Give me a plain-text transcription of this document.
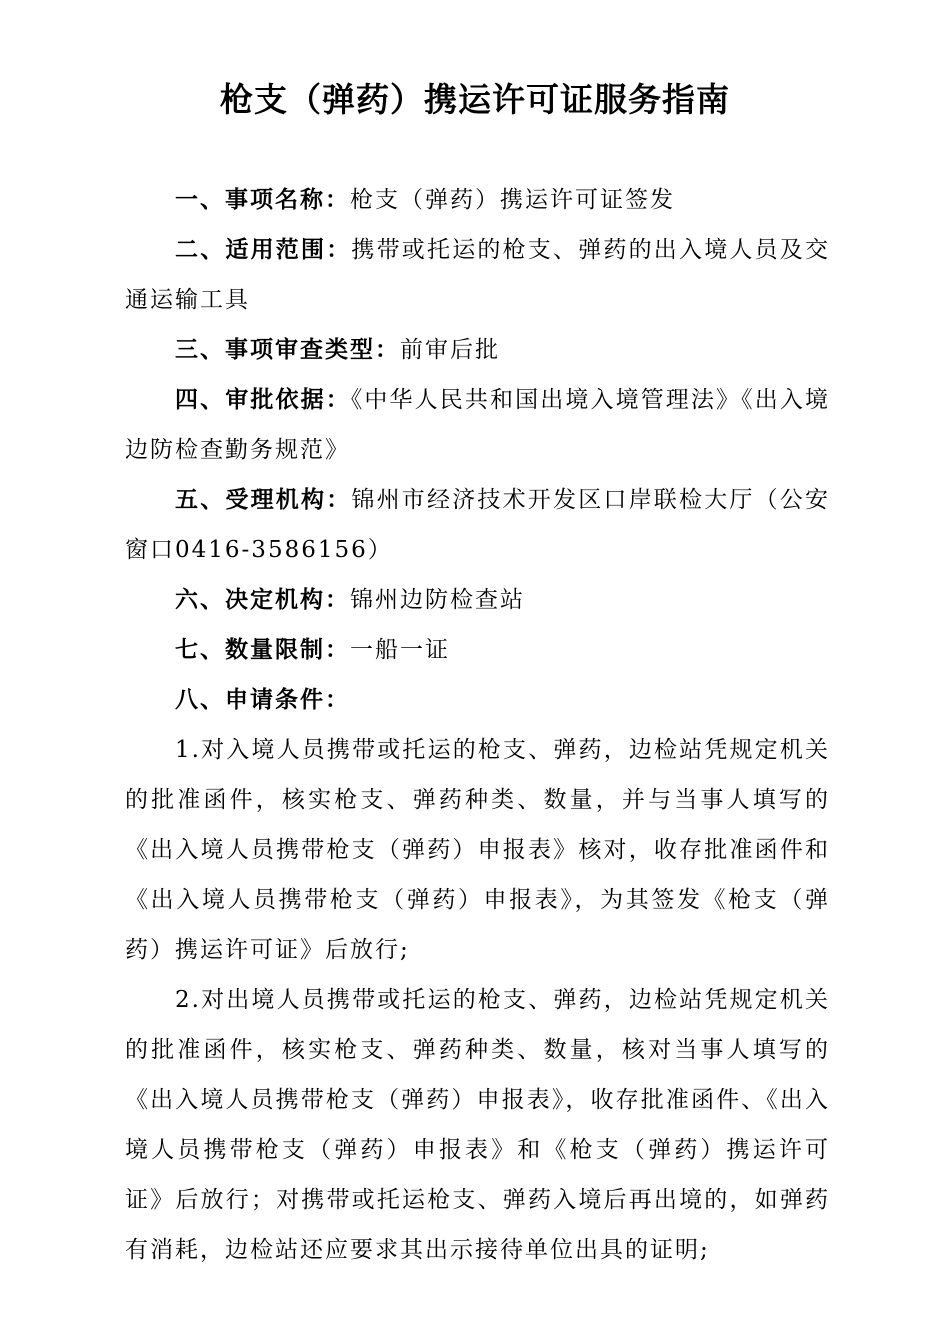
枪支（弹药）携运许可证服务指南

一、事项名称：枪支（弹药）携运许可证签发

二、适用范围：携带或托运的枪支、弹药的出入境人员及交通运输工具

三、事项审查类型：前审后批

四、审批依据：《中华人民共和国出境入境管理法》《出入境边防检查勤务规范》

五、受理机构：锦州市经济技术开发区口岸联检大厅（公安窗口0416-3586156）

六、决定机构：锦州边防检查站

七、数量限制：一船一证

八、申请条件：

1.对入境人员携带或托运的枪支、弹药，边检站凭规定机关的批准函件，核实枪支、弹药种类、数量，并与当事人填写的《出入境人员携带枪支（弹药）申报表》核对，收存批准函件和《出入境人员携带枪支（弹药）申报表》，为其签发《枪支（弹药）携运许可证》后放行;

2.对出境人员携带或托运的枪支、弹药，边检站凭规定机关的批准函件，核实枪支、弹药种类、数量，核对当事人填写的《出入境人员携带枪支（弹药）申报表》，收存批准函件、《出入境人员携带枪支（弹药）申报表》和《枪支（弹药）携运许可证》后放行；对携带或托运枪支、弹药入境后再出境的，如弹药有消耗，边检站还应要求其出示接待单位出具的证明;
